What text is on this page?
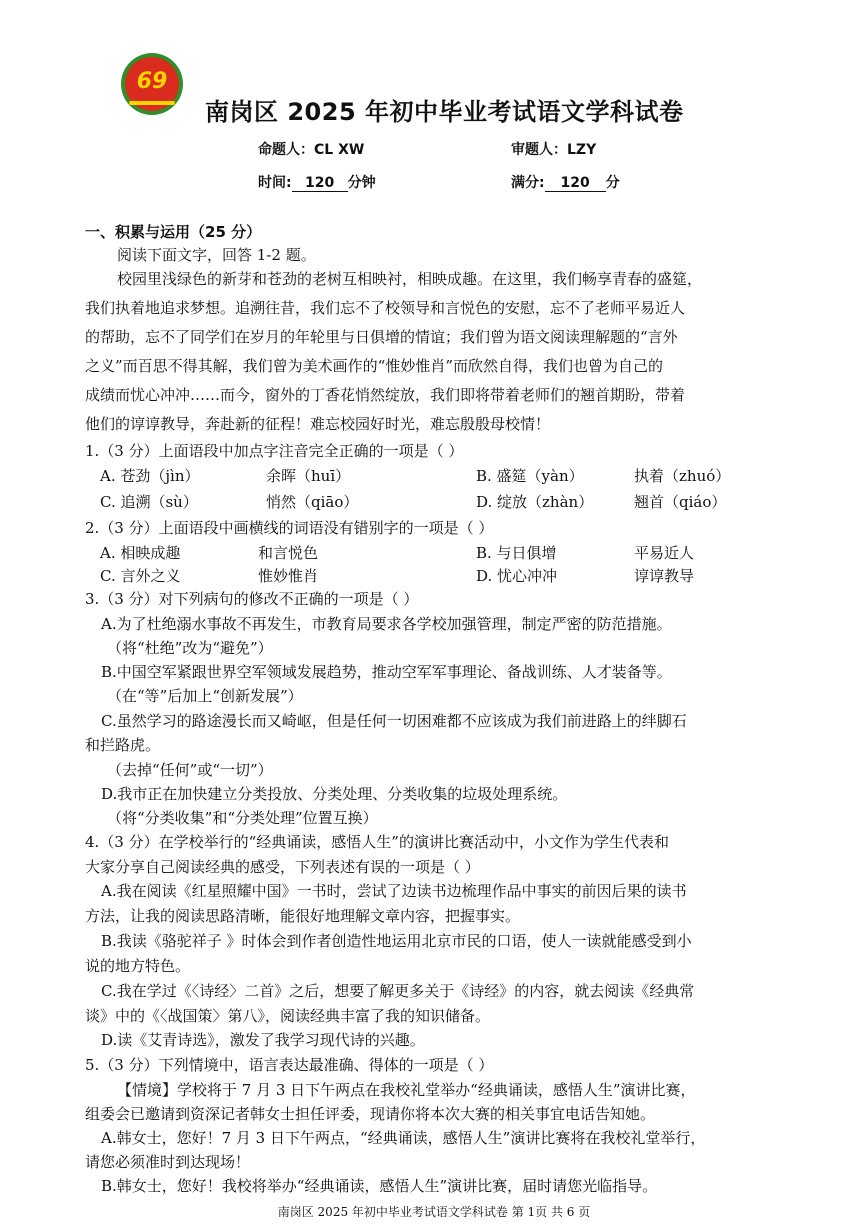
69
南岗区 2025 年初中毕业考试语文学科试卷
命题人：CL XW	审题人：LZY
时间: 120 分钟	满分: 120 分
一、积累与运用（25 分）
阅读下面文字，回答 1-2 题。
校园里浅绿色的新芽和苍劲的老树互相映衬，相映成趣。在这里，我们畅享青春的盛筵，
我们执着地追求梦想。追溯往昔，我们忘不了校领导和言悦色的安慰，忘不了老师平易近人
的帮助，忘不了同学们在岁月的年轮里与日俱增的情谊；我们曾为语文阅读理解题的“言外
之义”而百思不得其解，我们曾为美术画作的“惟妙惟肖”而欣然自得，我们也曾为自己的
成绩而忧心冲冲……而今，窗外的丁香花悄然绽放，我们即将带着老师们的翘首期盼，带着
他们的谆谆教导，奔赴新的征程！难忘校园好时光，难忘殷殷母校情！
1.（3 分）上面语段中加点字注音完全正确的一项是（ ）
A. 苍劲（jìn）	余晖（huī）	B. 盛筵（yàn）	执着（zhuó）
C. 追溯（sù）	悄然（qiāo）	D. 绽放（zhàn）	翘首（qiáo）
2.（3 分）上面语段中画横线的词语没有错别字的一项是（ ）
A. 相映成趣	和言悦色	B. 与日俱增	平易近人
C. 言外之义	惟妙惟肖	D. 忧心冲冲	谆谆教导
3.（3 分）对下列病句的修改不正确的一项是（ ）
A.为了杜绝溺水事故不再发生，市教育局要求各学校加强管理，制定严密的防范措施。
（将“杜绝”改为“避免”）
B.中国空军紧跟世界空军领域发展趋势，推动空军军事理论、备战训练、人才装备等。
（在“等”后加上“创新发展”）
C.虽然学习的路途漫长而又崎岖，但是任何一切困难都不应该成为我们前进路上的绊脚石
和拦路虎。
（去掉“任何”或“一切”）
D.我市正在加快建立分类投放、分类处理、分类收集的垃圾处理系统。
（将“分类收集”和“分类处理”位置互换）
4.（3 分）在学校举行的“经典诵读，感悟人生”的演讲比赛活动中，小文作为学生代表和
大家分享自己阅读经典的感受，下列表述有误的一项是（ ）
A.我在阅读《红星照耀中国》一书时，尝试了边读书边梳理作品中事实的前因后果的读书
方法，让我的阅读思路清晰，能很好地理解文章内容，把握事实。
B.我读《骆驼祥子 》时体会到作者创造性地运用北京市民的口语，使人一读就能感受到小
说的地方特色。
C.我在学过《〈诗经〉二首》之后，想要了解更多关于《诗经》的内容，就去阅读《经典常
谈》中的《〈战国策〉第八》，阅读经典丰富了我的知识储备。
D.读《艾青诗选》，激发了我学习现代诗的兴趣。
5.（3 分）下列情境中，语言表达最准确、得体的一项是（ ）
【情境】学校将于 7 月 3 日下午两点在我校礼堂举办“经典诵读，感悟人生”演讲比赛，
组委会已邀请到资深记者韩女士担任评委，现请你将本次大赛的相关事宜电话告知她。
A.韩女士，您好！7 月 3 日下午两点，“经典诵读，感悟人生”演讲比赛将在我校礼堂举行，
请您必须准时到达现场！
B.韩女士，您好！我校将举办“经典诵读，感悟人生”演讲比赛，届时请您光临指导。
南岗区 2025 年初中毕业考试语文学科试卷 第 1页 共 6 页
